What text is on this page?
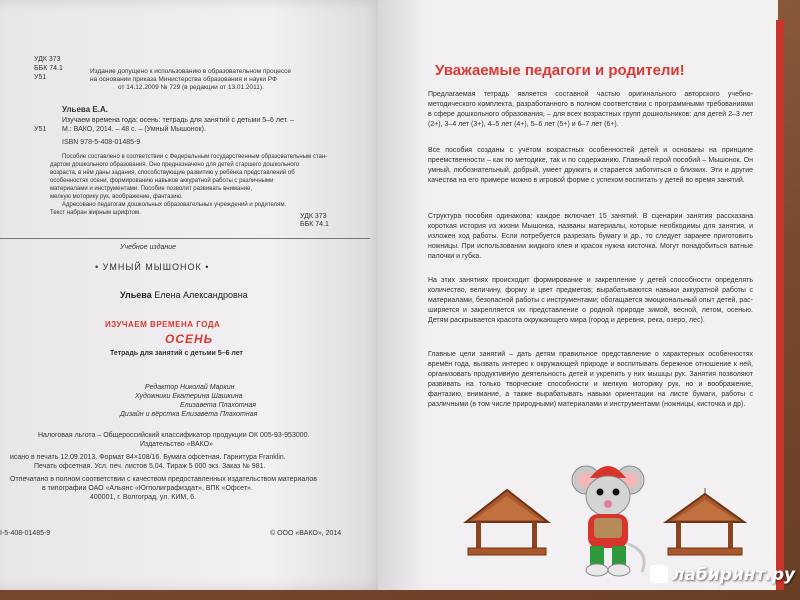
УДК 373
ББК 74.1
У51
Издание допущено к использованию в образовательном процессе
на основании приказа Министерства образования и науки РФ
от 14.12.2009 № 729 (в редакции от 13.01.2011).
Ульева Е.А.
Изучаем времена года: осень: тетрадь для занятий с детьми 5–6 лет. –
У51 М.: ВАКО, 2014. – 48 с. – (Умный Мышонок).
ISBN 978-5-408-01485-9
Пособие составлено в соответствии с Федеральным государственным образовательным стан-
дартом дошкольного образования. Оно предназначено для детей старшего дошкольного
возраста, в нём даны задания, способствующие развитию у ребёнка представлений об
особенностях осени, формированию навыков аккуратной работы с различными
материалами и инструментами. Пособие позволит развивать внимание,
мелкую моторику рук, воображение, фантазию.
Адресовано педагогам дошкольных образовательных учреждений и родителям.
Текст набран жирным шрифтом.	УДК 373
ББК 74.1
Учебное издание
• УМНЫЙ МЫШОНОК •
Ульева Елена Александровна
ИЗУЧАЕМ ВРЕМЕНА ГОДА
ОСЕНЬ
Тетрадь для занятий с детьми 5–6 лет
Редактор Николай Маркин
Художники Екатерина Шашкина
Елизавета Плахотная
Дизайн и вёрстка Елизавета Плахотная
Налоговая льгота – Общероссийский классификатор продукции ОК 005-93-953000.
Издательство «ВАКО»
исано в печать 12.09.2013. Формат 84×108/16. Бумага офсетная. Гарнитура Franklin.
Печать офсетная. Усл. печ. листов 5,04. Тираж 5 000 экз. Заказ № 981.
Отпечатано в полном соответствии с качеством предоставленных издательством материалов
в типографии ОАО «Альянс «Югполиграфиздат», ВПК «Офсет».
400001, г. Волгоград, ул. КИМ, 6.
I-5-408-01485-9	© ООО «ВАКО», 2014
Уважаемые педагоги и родители!
Предлагаемая тетрадь является составной частью оригинального авторского учебно-методического комплекта, разработанного в полном соответствии с программными требованиями в сфере дошкольного образования, – для всех возрастных групп дошкольников: для детей 2–3 лет (2+), 3–4 лет (3+), 4–5 лет (4+), 5–6 лет (5+) и 6–7 лет (6+).
Все пособия созданы с учётом возрастных особенностей детей и основаны на принципе преемственности – как по методике, так и по содержанию. Главный герой пособий – Мышонок. Он умный, любознательный, добрый, умеет дружить и старается заботиться о близких. Эти и другие качества на его примере можно в игровой форме с успехом воспитать у детей во время занятий.
Структура пособия одинакова: каждое включает 15 занятий. В сценарии занятия рассказана короткая история из жизни Мышонка, названы материалы, которые необходимы для занятия, и изложен ход работы. Если потребуется разрезать бумагу и др., то следует заранее приготовить ножницы. При использовании жидкого клея и красок нужна кисточка. Могут понадобиться ватные палочки и губка.
На этих занятиях происходит формирование и закрепление у детей способности определять количество, величину, форму и цвет предметов; вырабатываются навыки аккуратной работы с материалами, безопасной работы с инструментами; обогащается эмоциональный опыт детей, расширяется и закрепляется их представление о родной природе зимой, весной, летом, осенью. Детям раскрывается красота окружающего мира (город и деревня, река, озеро, лес).
Главные цели занятий – дать детям правильное представление о характерных особенностях времён года, вызвать интерес к окружающей природе и воспитывать бережное отношение к ней, организовать продуктивную деятельность детей и укрепить у них мышцы рук. Занятия позволяют развивать на только творческие способности и мелкую моторику рук, но и воображение, фантазию, внимание, а также вырабатывать навыки ориентации на листе бумаги, работы с различными (в том числе природными) материалами и инструментами (ножницы, кисточка и др).
лабиринт.ру
